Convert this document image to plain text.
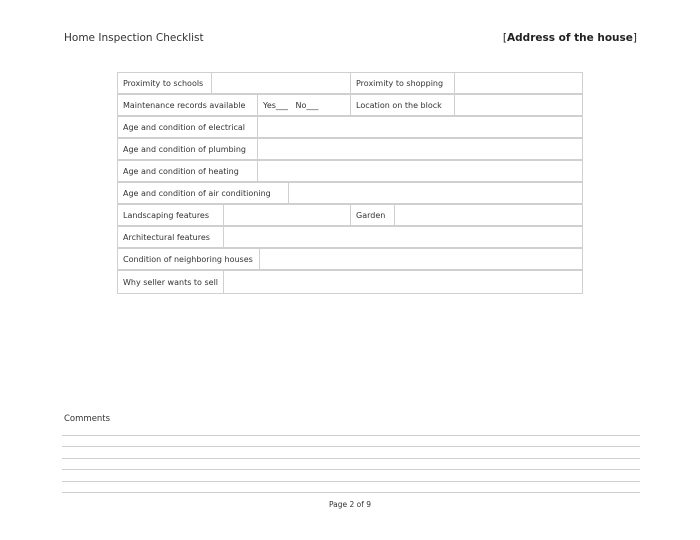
Home Inspection Checklist	[Address of the house]
Proximity to schools	Proximity to shopping
Maintenance records available	Yes___   No___	Location on the block
Age and condition of electrical
Age and condition of plumbing
Age and condition of heating
Age and condition of air conditioning
Landscaping features	Garden
Architectural features
Condition of neighboring houses
Why seller wants to sell
Comments
Page 2 of 9
